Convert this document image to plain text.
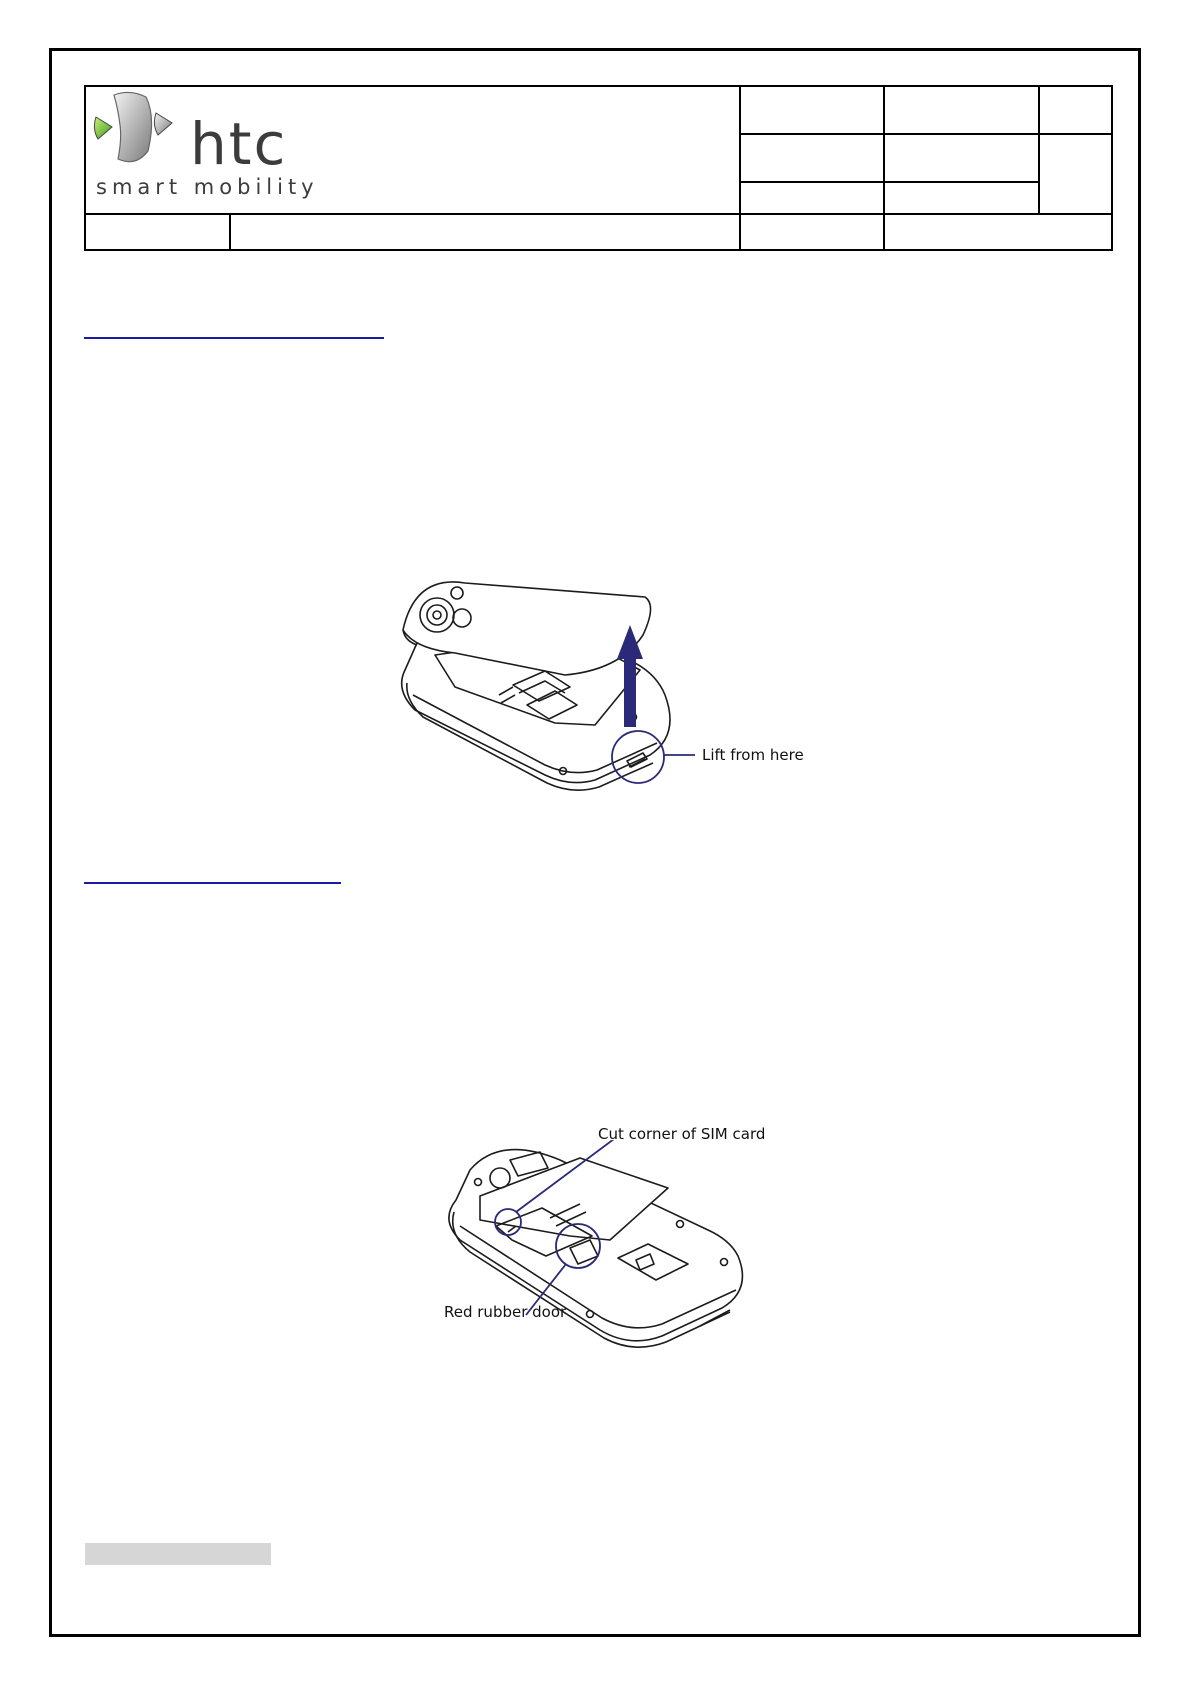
htc
smart mobility				

Lift from here
Cut corner of SIM card
Red rubber door
